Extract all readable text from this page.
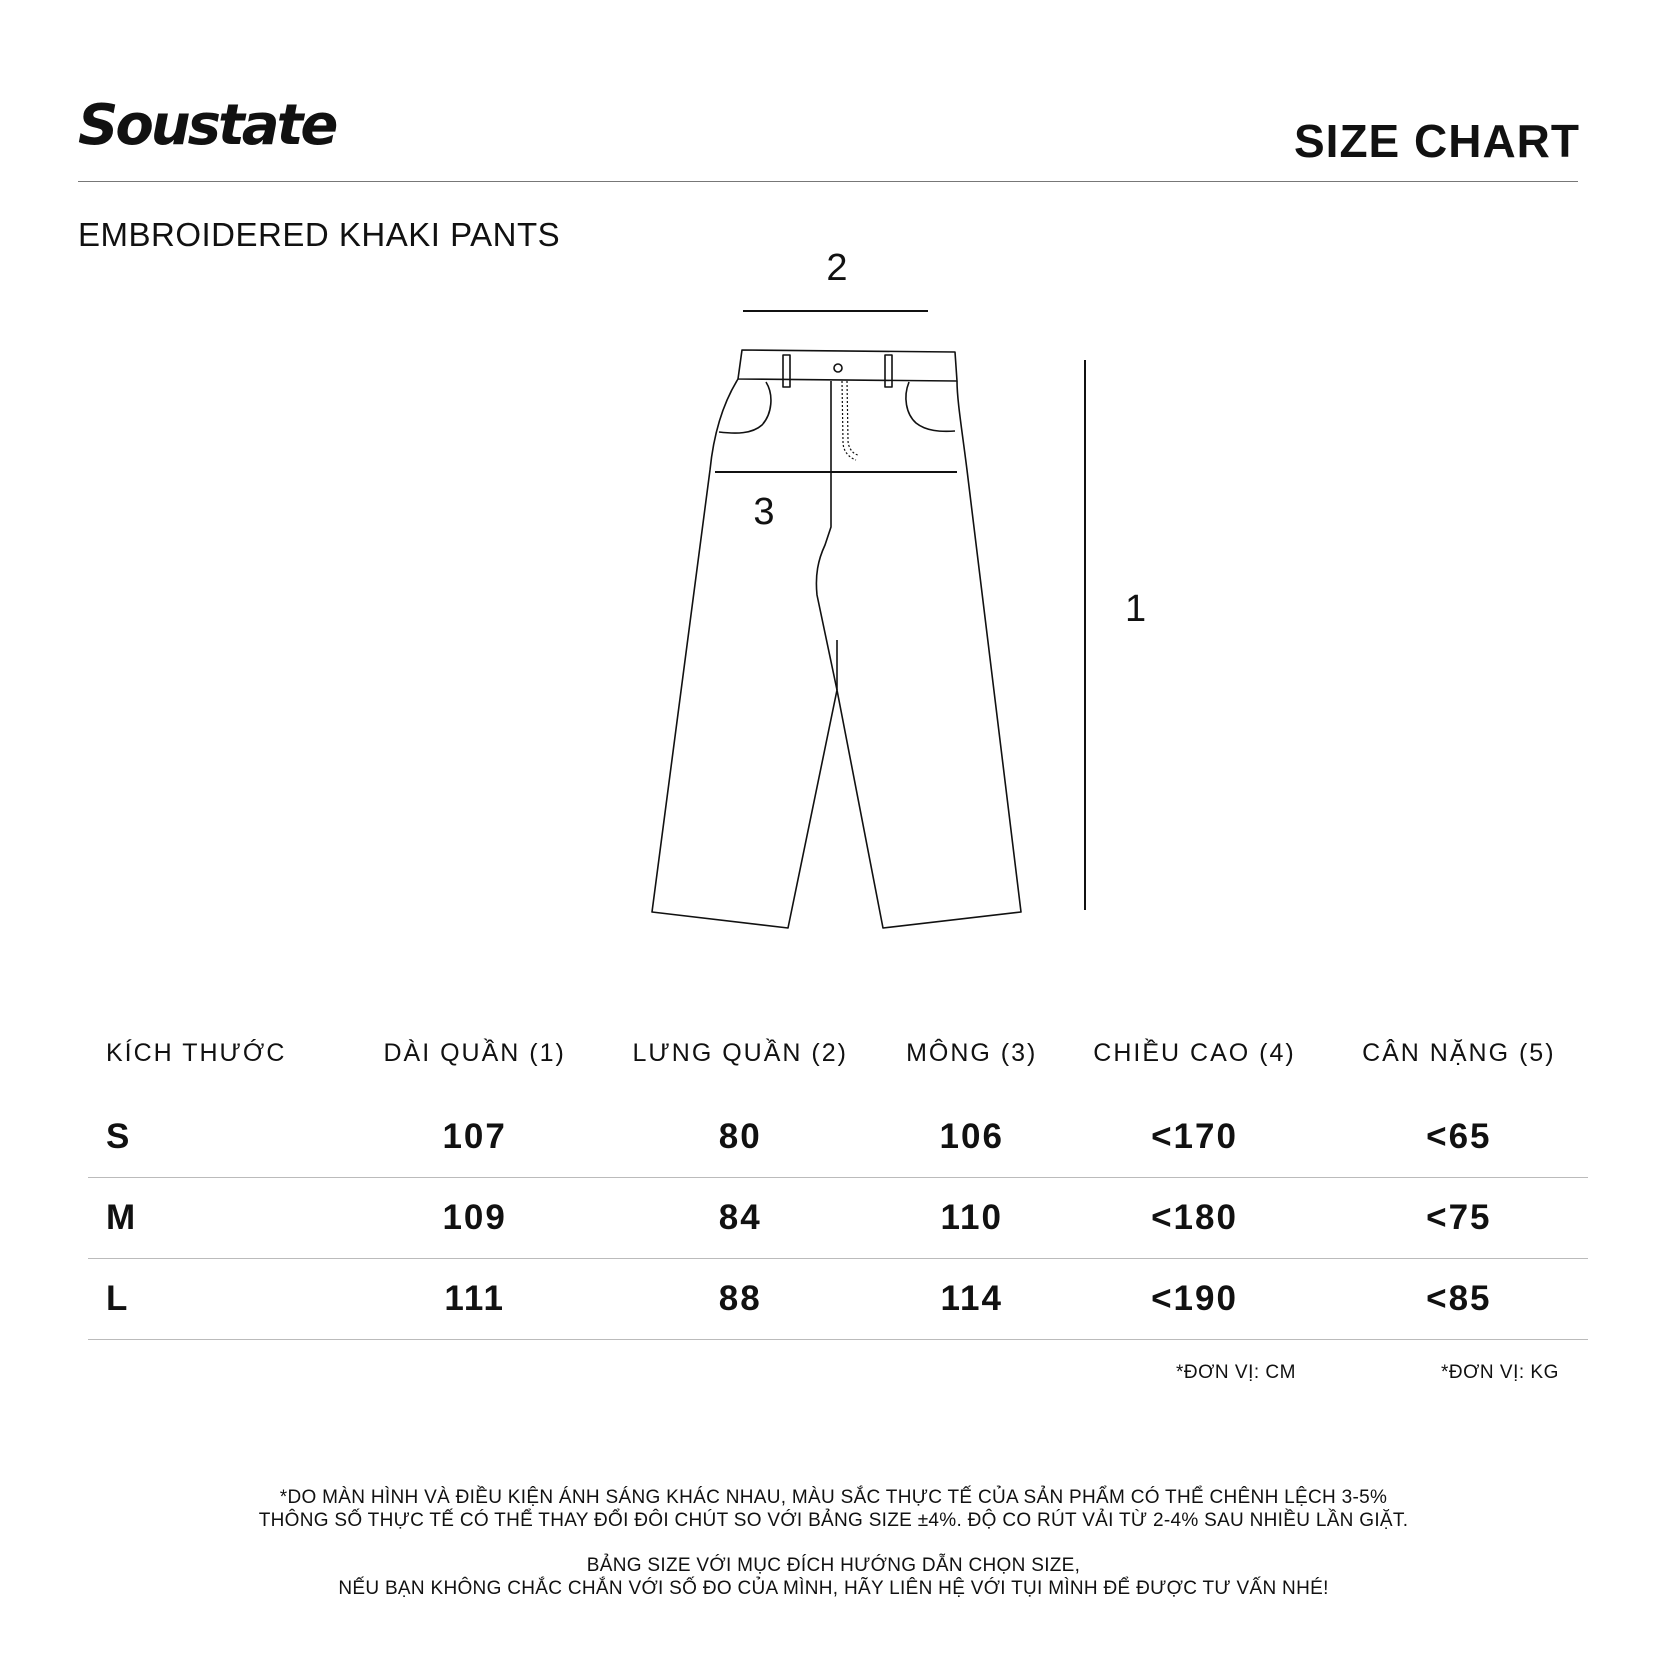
Soustate	SIZE CHART
EMBROIDERED KHAKI PANTS
1
2
3
KÍCH THƯỚC	DÀI QUẦN (1)	LƯNG QUẦN (2)	MÔNG (3)	CHIỀU CAO (4)	CÂN NẶNG (5)
S	107	80	106	<170	<65
M	109	84	110	<180	<75
L	111	88	114	<190	<85
*ĐƠN VỊ: CM	*ĐƠN VỊ: KG
*DO MÀN HÌNH VÀ ĐIỀU KIỆN ÁNH SÁNG KHÁC NHAU, MÀU SẮC THỰC TẾ CỦA SẢN PHẨM CÓ THỂ CHÊNH LỆCH 3-5%
THÔNG SỐ THỰC TẾ CÓ THỂ THAY ĐỔI ĐÔI CHÚT SO VỚI BẢNG SIZE ±4%. ĐỘ CO RÚT VẢI TỪ 2-4% SAU NHIỀU LẦN GIẶT.
BẢNG SIZE VỚI MỤC ĐÍCH HƯỚNG DẪN CHỌN SIZE,
NẾU BẠN KHÔNG CHẮC CHẮN VỚI SỐ ĐO CỦA MÌNH, HÃY LIÊN HỆ VỚI TỤI MÌNH ĐỂ ĐƯỢC TƯ VẤN NHÉ!
